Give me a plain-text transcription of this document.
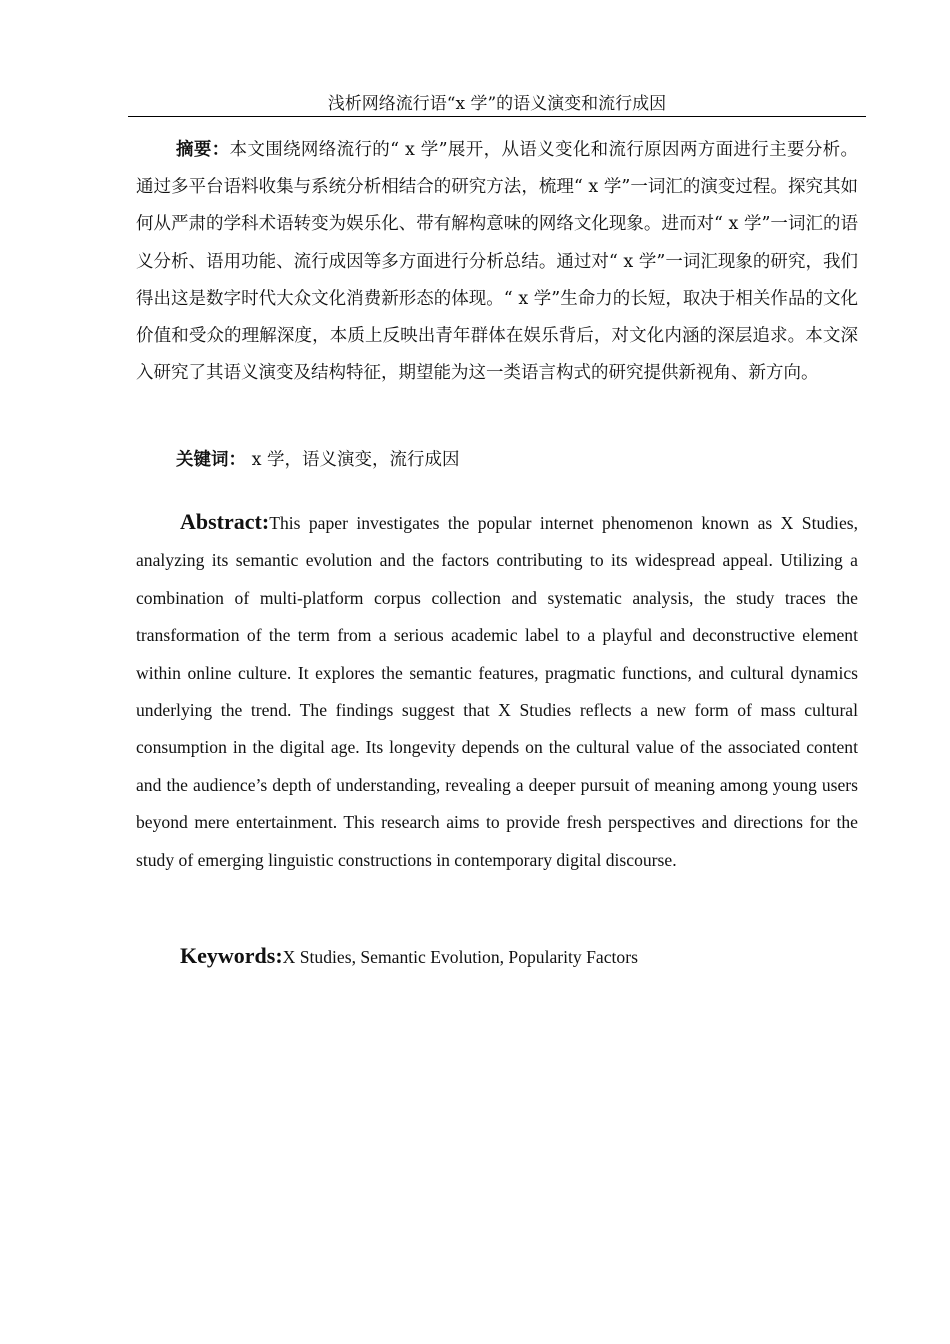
浅析网络流行语“x 学”的语义演变和流行成因

摘要：本文围绕网络流行的“ x 学”展开，从语义变化和流行原因两方面进行主要分析。通过多平台语料收集与系统分析相结合的研究方法，梳理“ x 学”一词汇的演变过程。探究其如何从严肃的学科术语转变为娱乐化、带有解构意味的网络文化现象。进而对“ x 学”一词汇的语义分析、语用功能、流行成因等多方面进行分析总结。通过对“ x 学”一词汇现象的研究，我们得出这是数字时代大众文化消费新形态的体现。“ x 学”生命力的长短，取决于相关作品的文化价值和受众的理解深度，本质上反映出青年群体在娱乐背后，对文化内涵的深层追求。本文深入研究了其语义演变及结构特征，期望能为这一类语言构式的研究提供新视角、新方向。

关键词： x 学，语义演变，流行成因

Abstract:This paper investigates the popular internet phenomenon known as X Studies, analyzing its semantic evolution and the factors contributing to its widespread appeal. Utilizing a combination of multi-platform corpus collection and systematic analysis, the study traces the transformation of the term from a serious academic label to a playful and deconstructive element within online culture. It explores the semantic features, pragmatic functions, and cultural dynamics underlying the trend. The findings suggest that X Studies reflects a new form of mass cultural consumption in the digital age. Its longevity depends on the cultural value of the associated content and the audience’s depth of understanding, revealing a deeper pursuit of meaning among young users beyond mere entertainment. This research aims to provide fresh perspectives and directions for the study of emerging linguistic constructions in contemporary digital discourse.

Keywords:X Studies, Semantic Evolution, Popularity Factors
